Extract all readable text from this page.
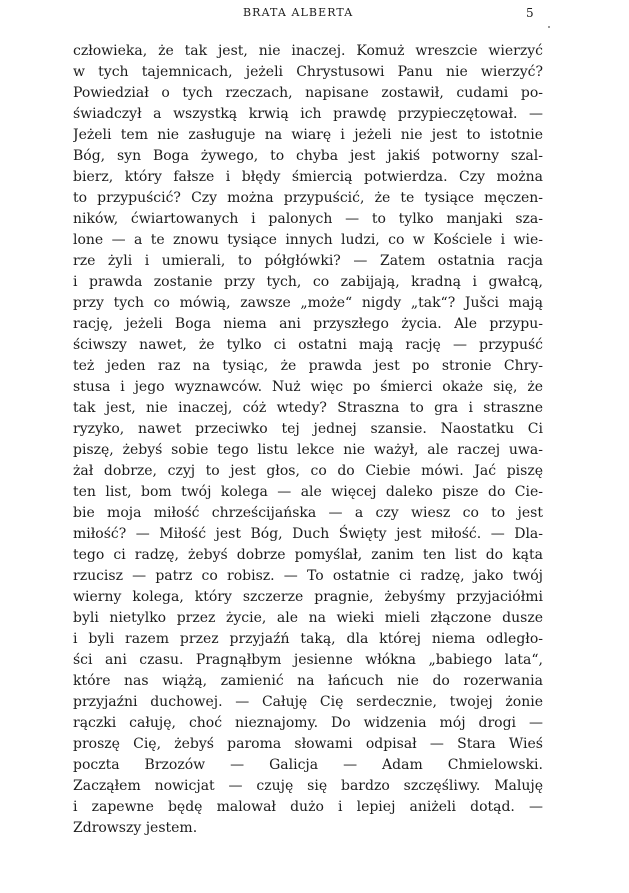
BRATA ALBERTA	5
człowieka, że tak jest, nie inaczej. Komuż wreszcie wierzyć
w tych tajemnicach, jeżeli Chrystusowi Panu nie wierzyć?
Powiedział o tych rzeczach, napisane zostawił, cudami po-
świadczył a wszystką krwią ich prawdę przypieczętował. —
Jeżeli tem nie zasługuje na wiarę i jeżeli nie jest to istotnie
Bóg, syn Boga żywego, to chyba jest jakiś potworny szal-
bierz, który fałsze i błędy śmiercią potwierdza. Czy można
to przypuścić? Czy można przypuścić, że te tysiące męczen-
ników, ćwiartowanych i palonych — to tylko manjaki sza-
lone — a te znowu tysiące innych ludzi, co w Kościele i wie-
rze żyli i umierali, to półgłówki? — Zatem ostatnia racja
i prawda zostanie przy tych, co zabijają, kradną i gwałcą,
przy tych co mówią, zawsze „może“ nigdy „tak“? Jušci mają
rację, jeżeli Boga niema ani przyszłego życia. Ale przypu-
ściwszy nawet, że tylko ci ostatni mają rację — przypuść
też jeden raz na tysiąc, że prawda jest po stronie Chry-
stusa i jego wyznawców. Nuż więc po śmierci okaże się, że
tak jest, nie inaczej, cóż wtedy? Straszna to gra i straszne
ryzyko, nawet przeciwko tej jednej szansie. Naostatku Ci
piszę, żebyś sobie tego listu lekce nie ważył, ale raczej uwa-
żał dobrze, czyj to jest głos, co do Ciebie mówi. Jać piszę
ten list, bom twój kolega — ale więcej daleko pisze do Cie-
bie moja miłość chrześcijańska — a czy wiesz co to jest
miłość? — Miłość jest Bóg, Duch Święty jest miłość. — Dla-
tego ci radzę, żebyś dobrze pomyślał, zanim ten list do kąta
rzucisz — patrz co robisz. — To ostatnie ci radzę, jako twój
wierny kolega, który szczerze pragnie, żebyśmy przyjaciółmi
byli nietylko przez życie, ale na wieki mieli złączone dusze
i byli razem przez przyjaźń taką, dla której niema odległo-
ści ani czasu. Pragnąłbym jesienne włókna „babiego lata“,
które nas wiążą, zamienić na łańcuch nie do rozerwania
przyjaźni duchowej. — Całuję Cię serdecznie, twojej żonie
rączki całuję, choć nieznajomy. Do widzenia mój drogi —
proszę Cię, żebyś paroma słowami odpisał — Stara Wieś
poczta Brzozów — Galicja — Adam Chmielowski.
Zacząłem nowicjat — czuję się bardzo szczęśliwy. Maluję
i zapewne będę malował dużo i lepiej aniżeli dotąd. —
Zdrowszy jestem.
